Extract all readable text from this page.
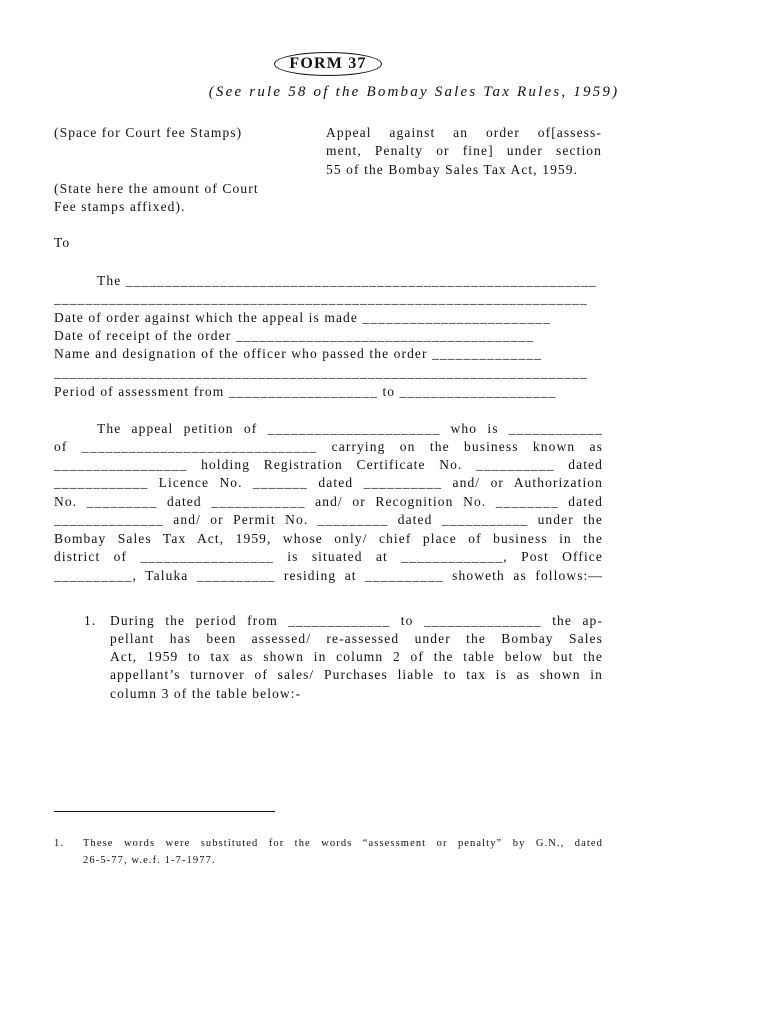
FORM 37
(See rule 58 of the Bombay Sales Tax Rules, 1959)
(Space for Court fee Stamps)
(State here the amount of Court
Fee stamps affixed).
Appeal against an order of[assess-
ment, Penalty or fine] under section
55 of the Bombay Sales Tax Act, 1959.
To
The ____________________________________________________________
____________________________________________________________________
Date of order against which the appeal is made ________________________
Date of receipt of the order ______________________________________
Name and designation of the officer who passed the order ______________
____________________________________________________________________
Period of assessment from ___________________ to ____________________
The appeal petition of ______________________ who is ____________
of ______________________________ carrying on the business known as
_________________ holding Registration Certificate No. __________ dated
____________ Licence No. _______ dated __________ and/ or Authorization
No. _________ dated ____________ and/ or Recognition No. ________ dated
______________ and/ or Permit No. _________ dated ___________ under the
Bombay Sales Tax Act, 1959, whose only/ chief place of business in the
district of _________________ is situated at _____________, Post Office
__________, Taluka __________ residing at __________ showeth as follows:—
1. During the period from _____________ to _______________ the ap-
pellant has been assessed/ re-assessed under the Bombay Sales
Act, 1959 to tax as shown in column 2 of the table below but the
appellant’s turnover of sales/ Purchases liable to tax is as shown in
column 3 of the table below:-
1. These words were substituted for the words “assessment or penalty” by G.N., dated
26-5-77, w.e.f. 1-7-1977.
